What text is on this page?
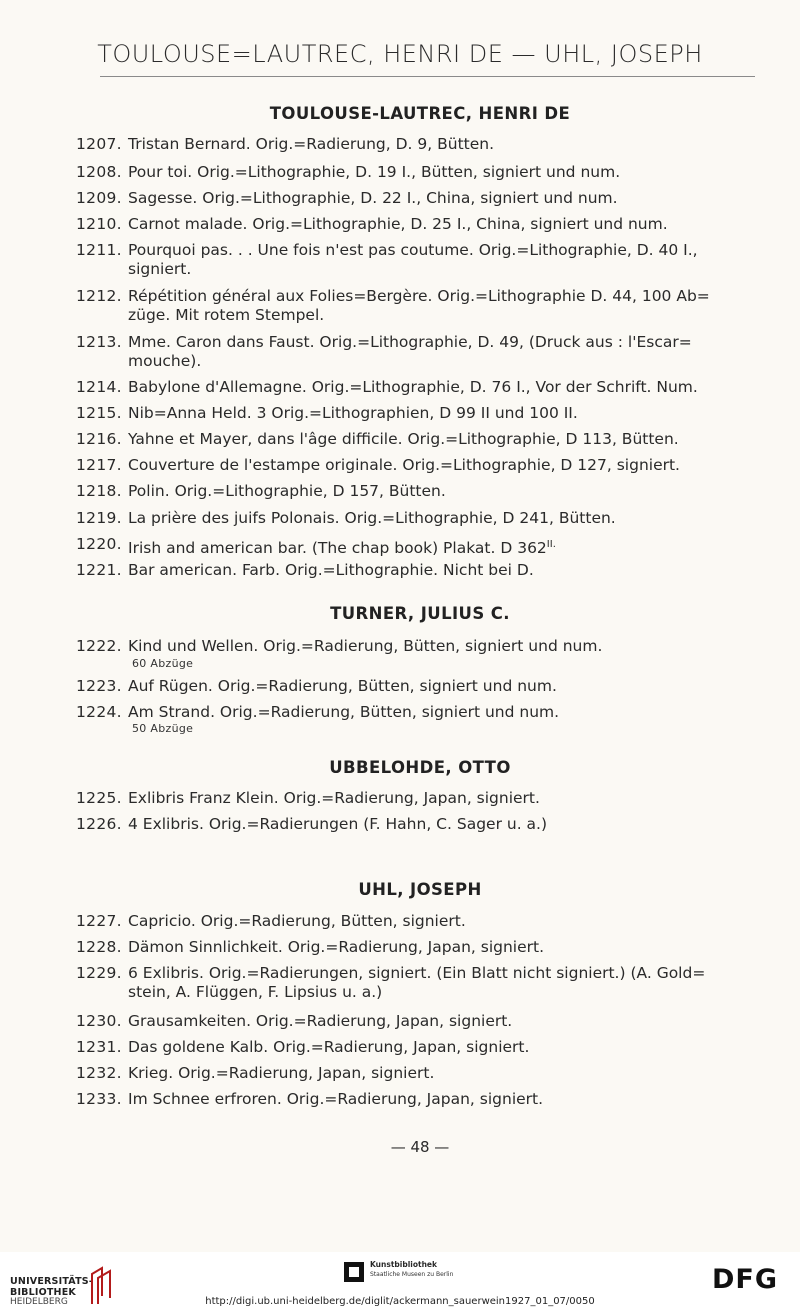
TOULOUSE=LAUTREC, HENRI DE — UHL, JOSEPH
TOULOUSE-LAUTREC, HENRI DE
1207. Tristan Bernard. Orig.=Radierung, D. 9, Bütten.
1208. Pour toi. Orig.=Lithographie, D. 19 I., Bütten, signiert und num.
1209. Sagesse. Orig.=Lithographie, D. 22 I., China, signiert und num.
1210. Carnot malade. Orig.=Lithographie, D. 25 I., China, signiert und num.
1211. Pourquoi pas. . . Une fois n'est pas coutume. Orig.=Lithographie, D. 40 I.,
signiert.
1212. Répétition général aux Folies=Bergère. Orig.=Lithographie D. 44, 100 Ab=
züge. Mit rotem Stempel.
1213. Mme. Caron dans Faust. Orig.=Lithographie, D. 49, (Druck aus : l'Escar=
mouche).
1214. Babylone d'Allemagne. Orig.=Lithographie, D. 76 I., Vor der Schrift. Num.
1215. Nib=Anna Held. 3 Orig.=Lithographien, D 99 II und 100 II.
1216. Yahne et Mayer, dans l'âge difficile. Orig.=Lithographie, D 113, Bütten.
1217. Couverture de l'estampe originale. Orig.=Lithographie, D 127, signiert.
1218. Polin. Orig.=Lithographie, D 157, Bütten.
1219. La prière des juifs Polonais. Orig.=Lithographie, D 241, Bütten.
1220. Irish and american bar. (The chap book) Plakat. D $362^{II.}$
1221. Bar american. Farb. Orig.=Lithographie. Nicht bei D.
TURNER, JULIUS C.
1222. Kind und Wellen. Orig.=Radierung, Bütten, signiert und num.
60 Abzüge
1223. Auf Rügen. Orig.=Radierung, Bütten, signiert und num.
1224. Am Strand. Orig.=Radierung, Bütten, signiert und num.
50 Abzüge
UBBELOHDE, OTTO
1225. Exlibris Franz Klein. Orig.=Radierung, Japan, signiert.
1226. 4 Exlibris. Orig.=Radierungen (F. Hahn, C. Sager u. a.)
UHL, JOSEPH
1227. Capricio. Orig.=Radierung, Bütten, signiert.
1228. Dämon Sinnlichkeit. Orig.=Radierung, Japan, signiert.
1229. 6 Exlibris. Orig.=Radierungen, signiert. (Ein Blatt nicht signiert.) (A. Gold=
stein, A. Flüggen, F. Lipsius u. a.)
1230. Grausamkeiten. Orig.=Radierung, Japan, signiert.
1231. Das goldene Kalb. Orig.=Radierung, Japan, signiert.
1232. Krieg. Orig.=Radierung, Japan, signiert.
1233. Im Schnee erfroren. Orig.=Radierung, Japan, signiert.
— 48 —
UNIVERSITÄTS-
BIBLIOTHEK
HEIDELBERG
Kunstbibliothek
Staatliche Museen zu Berlin	DFG
http://digi.ub.uni-heidelberg.de/diglit/ackermann_sauerwein1927_01_07/0050
